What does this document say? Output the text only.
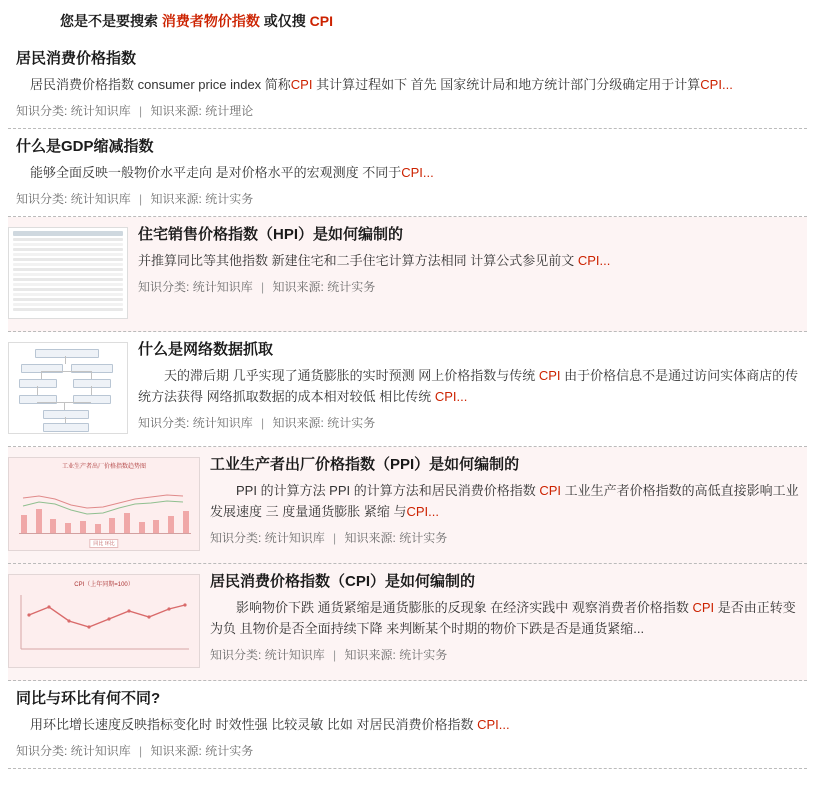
您是不是要搜索 消费者物价指数 或仅搜 CPI
居民消费价格指数
居民消费价格指数 consumer price index 简称CPI 其计算过程如下 首先 国家统计局和地方统计部门分级确定用于计算CPI...
知识分类: 统计知识库 | 知识来源: 统计理论
什么是GDP缩减指数
能够全面反映一般物价水平走向 是对价格水平的宏观测度 不同于CPI...
知识分类: 统计知识库 | 知识来源: 统计实务
住宅销售价格指数（HPI）是如何编制的
并推算同比等其他指数 新建住宅和二手住宅计算方法相同 计算公式参见前文 CPI...
知识分类: 统计知识库 | 知识来源: 统计实务
什么是网络数据抓取
天的滞后期 几乎实现了通货膨胀的实时预测 网上价格指数与传统 CPI 由于价格信息不是通过访问实体商店的传统方法获得 网络抓取数据的成本相对较低 相比传统 CPI...
知识分类: 统计知识库 | 知识来源: 统计实务
工业生产者出厂价格指数趋势图
同比 环比
工业生产者出厂价格指数（PPI）是如何编制的
PPI 的计算方法 PPI 的计算方法和居民消费价格指数 CPI 工业生产者价格指数的高低直接影响工业发展速度 三 度量通货膨胀 紧缩 与CPI...
知识分类: 统计知识库 | 知识来源: 统计实务
CPI（上年同期=100）	居民消费价格指数（CPI）是如何编制的
影响物价下跌 通货紧缩是通货膨胀的反现象 在经济实践中 观察消费者价格指数 CPI 是否由正转变为负 且物价是否全面持续下降 来判断某个时期的物价下跌是否是通货紧缩...
知识分类: 统计知识库 | 知识来源: 统计实务
同比与环比有何不同?
用环比增长速度反映指标变化时 时效性强 比较灵敏 比如 对居民消费价格指数 CPI...
知识分类: 统计知识库 | 知识来源: 统计实务
